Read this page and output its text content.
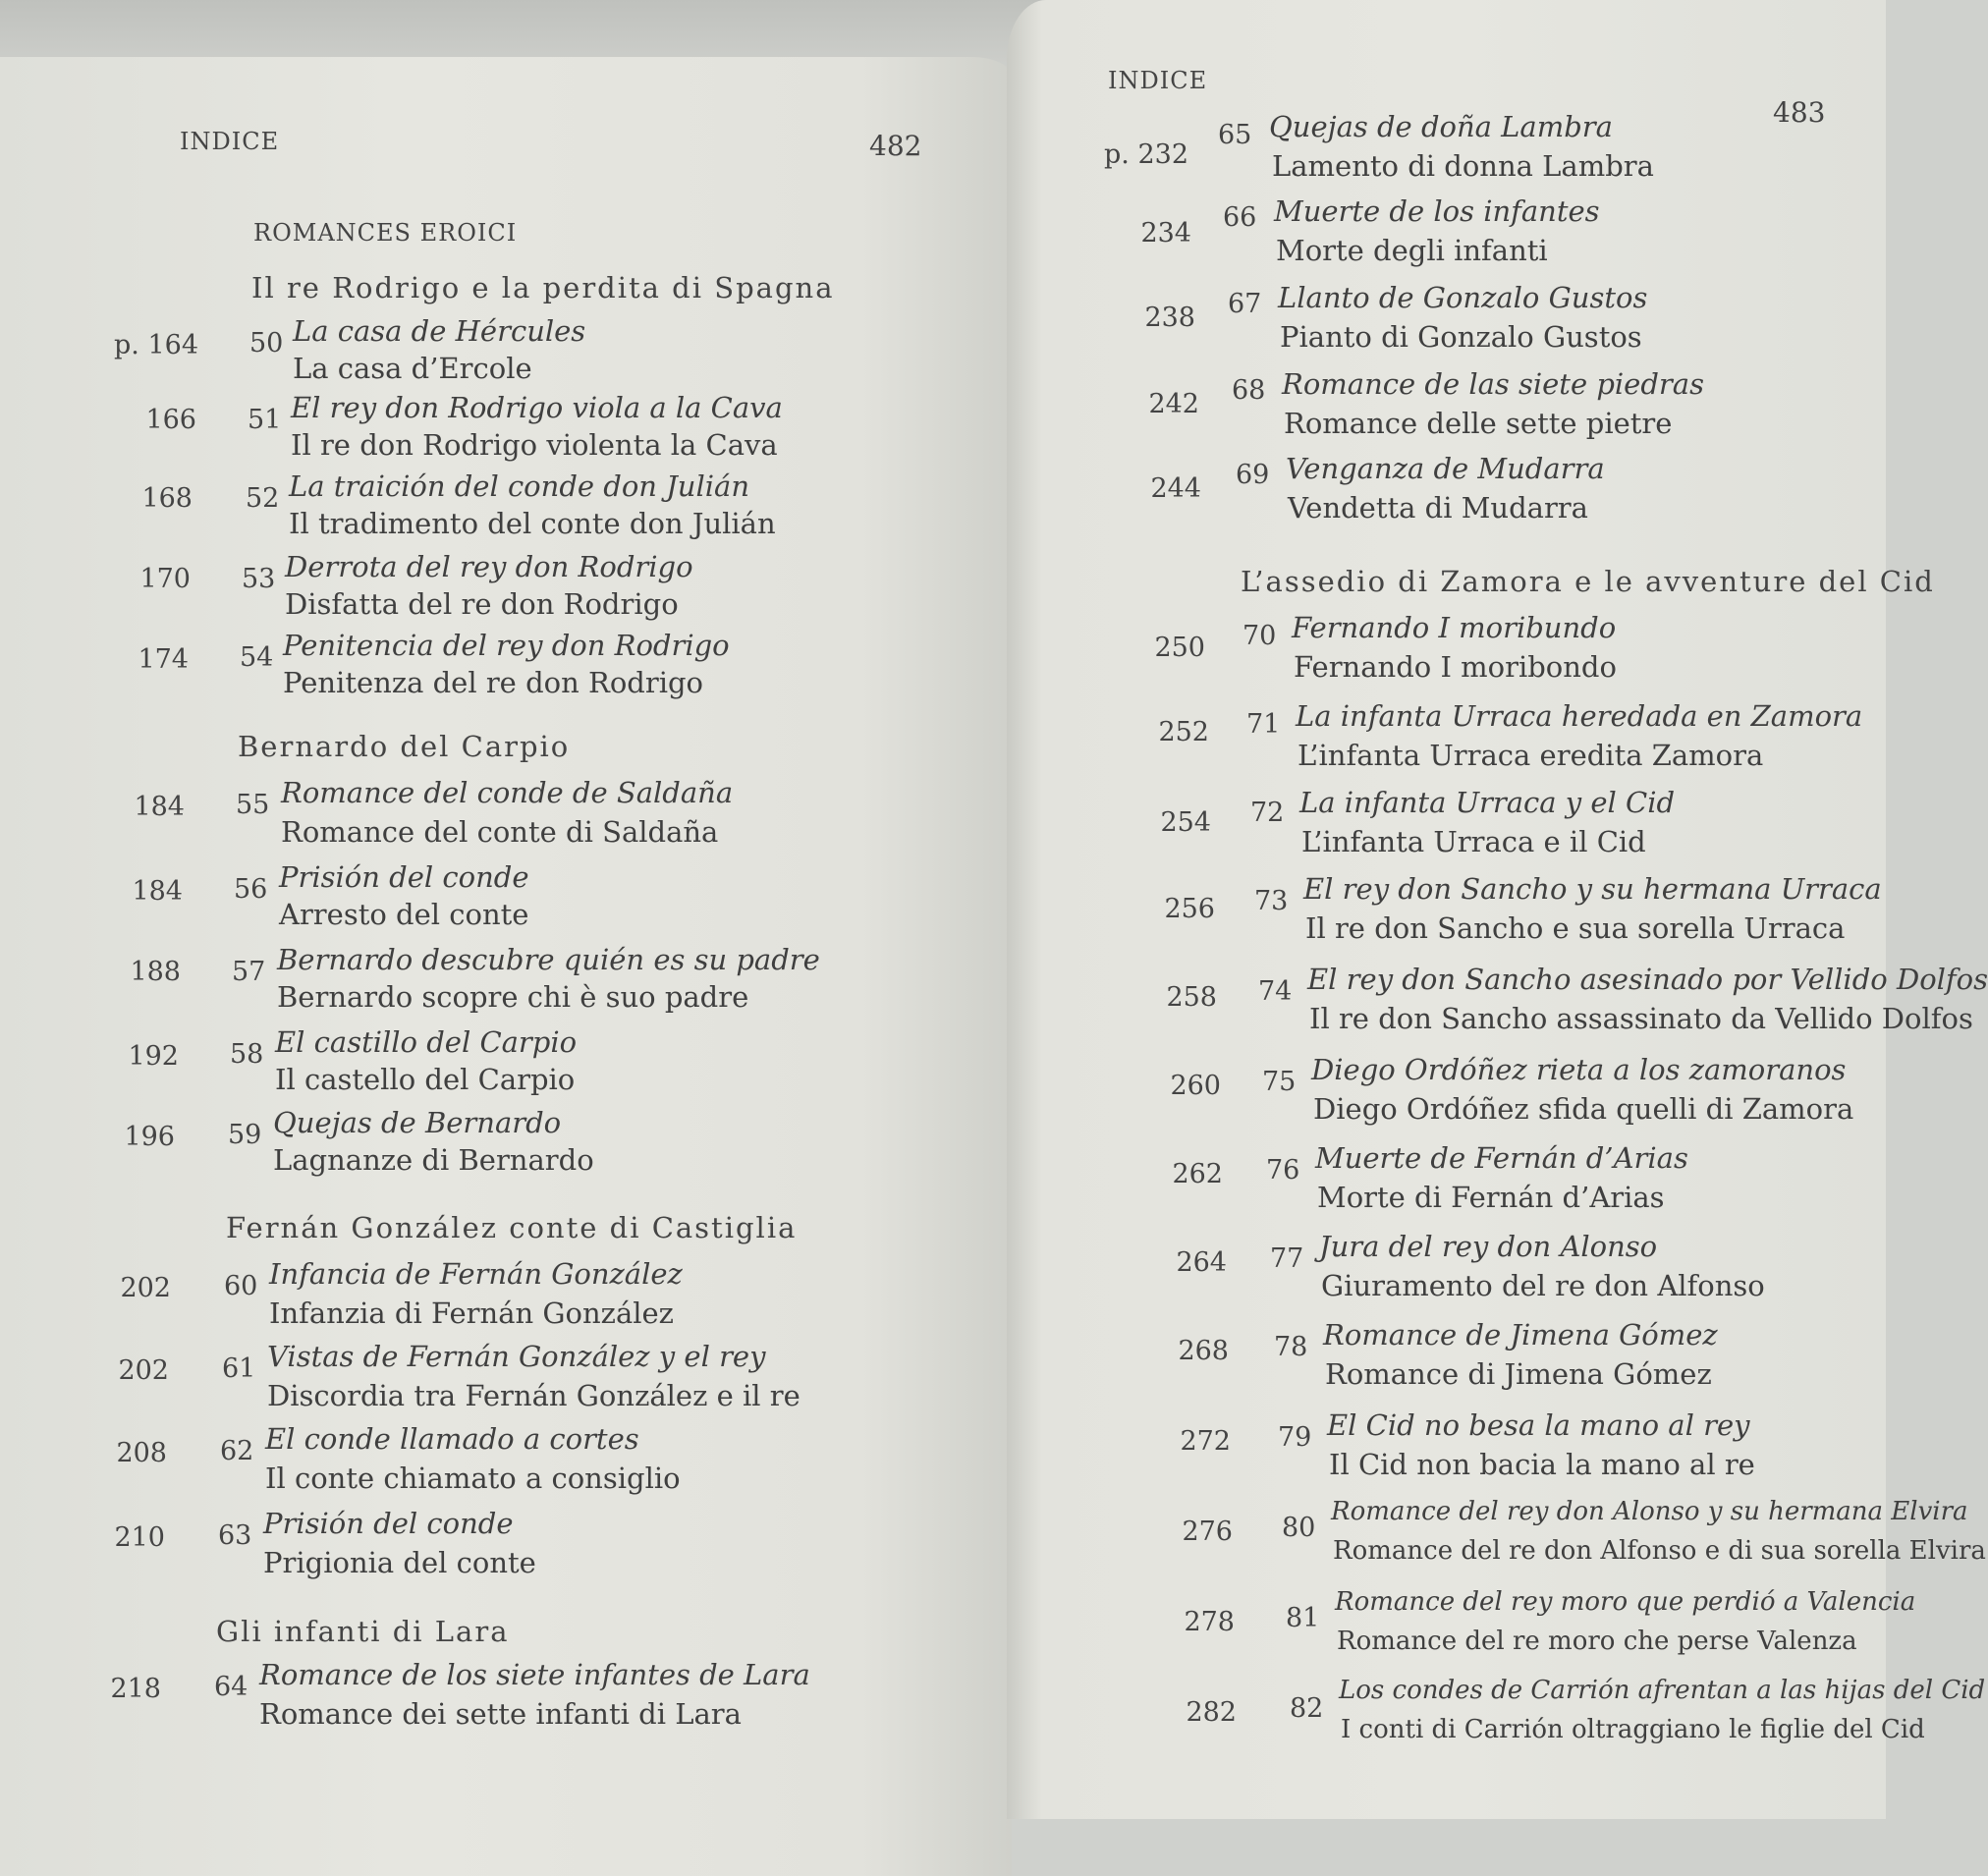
INDICE	482
ROMANCES EROICI
Il re Rodrigo e la perdita di Spagna
p. 164 50 La casa de Hércules
La casa d’Ercole
166 51 El rey don Rodrigo viola a la Cava
Il re don Rodrigo violenta la Cava
168 52 La traición del conde don Julián
Il tradimento del conte don Julián
170 53 Derrota del rey don Rodrigo
Disfatta del re don Rodrigo
174 54 Penitencia del rey don Rodrigo
Penitenza del re don Rodrigo
Bernardo del Carpio
184 55 Romance del conde de Saldaña
Romance del conte di Saldaña
184 56 Prisión del conde
Arresto del conte
188 57 Bernardo descubre quién es su padre
Bernardo scopre chi è suo padre
192 58 El castillo del Carpio
Il castello del Carpio
196 59 Quejas de Bernardo
Lagnanze di Bernardo
Fernán González conte di Castiglia
202 60 Infancia de Fernán González
Infanzia di Fernán González
202 61 Vistas de Fernán González y el rey
Discordia tra Fernán González e il re
208 62 El conde llamado a cortes
Il conte chiamato a consiglio
210 63 Prisión del conde
Prigionia del conte
Gli infanti di Lara
218 64 Romance de los siete infantes de Lara
Romance dei sette infanti di Lara
INDICE
483
p. 232
65 Quejas de doña Lambra
Lamento di donna Lambra
234
66 Muerte de los infantes
Morte degli infanti
238 67 Llanto de Gonzalo Gustos
Pianto di Gonzalo Gustos
242 68 Romance de las siete piedras
Romance delle sette pietre
244 69 Venganza de Mudarra
Vendetta di Mudarra
L’assedio di Zamora e le avventure del Cid
250 70 Fernando I moribundo
Fernando I moribondo
252 71 La infanta Urraca heredada en Zamora
L’infanta Urraca eredita Zamora
254 72 La infanta Urraca y el Cid
L’infanta Urraca e il Cid
256 73 El rey don Sancho y su hermana Urraca
Il re don Sancho e sua sorella Urraca
258 74 El rey don Sancho asesinado por Vellido Dolfos
Il re don Sancho assassinato da Vellido Dolfos
260 75 Diego Ordóñez rieta a los zamoranos
Diego Ordóñez sfida quelli di Zamora
262 76 Muerte de Fernán d’Arias
Morte di Fernán d’Arias
264 77 Jura del rey don Alonso
Giuramento del re don Alfonso
268 78 Romance de Jimena Gómez
Romance di Jimena Gómez
272 79 El Cid no besa la mano al rey
Il Cid non bacia la mano al re
276 80
Romance del rey don Alonso y su hermana Elvira
Romance del re don Alfonso e di sua sorella Elvira
278 81
Romance del rey moro que perdió a Valencia
Romance del re moro che perse Valenza
282 82
Los condes de Carrión afrentan a las hijas del Cid
I conti di Carrión oltraggiano le figlie del Cid
